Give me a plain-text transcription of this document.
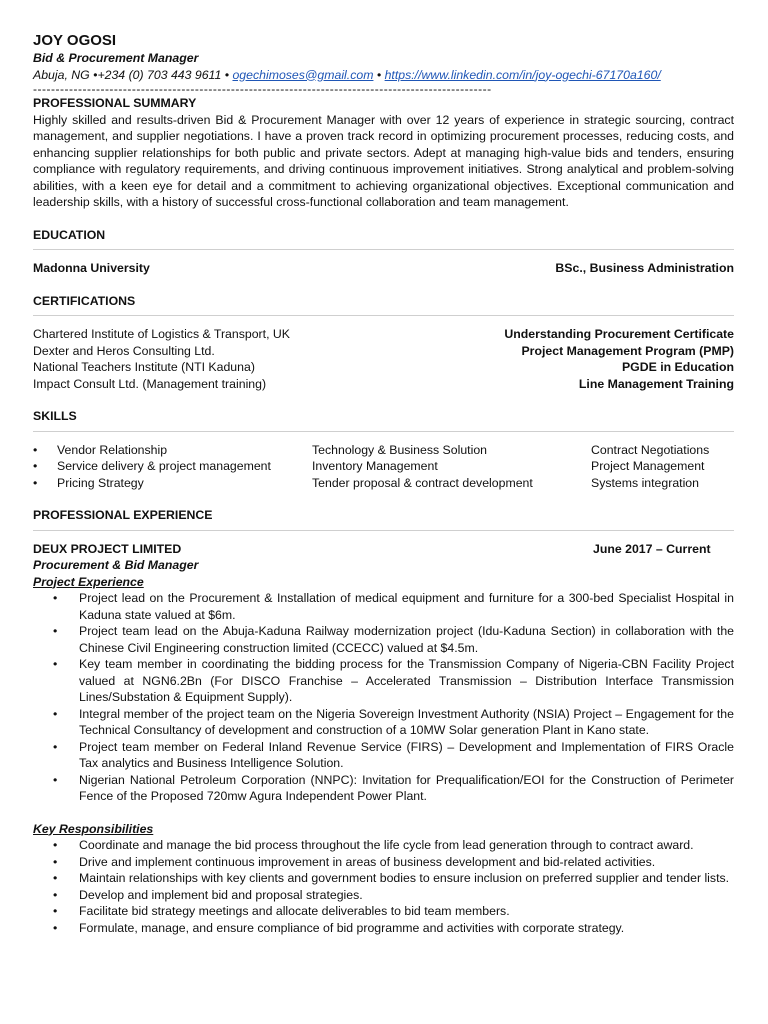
JOY OGOSI

Bid & Procurement Manager

Abuja, NG •+234 (0) 703 443 9611 • ogechimoses@gmail.com • https://www.linkedin.com/in/joy-ogechi-67170a160/

------------------------------------------------------------------------------------------------------

PROFESSIONAL SUMMARY

Highly skilled and results-driven Bid & Procurement Manager with over 12 years of experience in strategic sourcing, contract management, and supplier negotiations. I have a proven track record in optimizing procurement processes, reducing costs, and enhancing supplier relationships for both public and private sectors. Adept at managing high-value bids and tenders, ensuring compliance with regulatory requirements, and driving continuous improvement initiatives. Strong analytical and problem-solving abilities, with a keen eye for detail and a commitment to achieving organizational objectives. Exceptional communication and leadership skills, with a history of successful cross-functional collaboration and team management.

EDUCATION

Madonna University	BSc., Business Administration

CERTIFICATIONS

Chartered Institute of Logistics & Transport, UK	Understanding Procurement Certificate
Dexter and Heros Consulting Ltd.	Project Management Program (PMP)
National Teachers Institute (NTI Kaduna)	PGDE in Education
Impact Consult Ltd. (Management training)	Line Management Training

SKILLS

•	Vendor Relationship	Technology & Business Solution	Contract Negotiations
•	Service delivery & project management	Inventory Management	Project Management
•	Pricing Strategy	Tender proposal & contract development	Systems integration

PROFESSIONAL EXPERIENCE

DEUX PROJECT LIMITED	June 2017 – Current

Procurement & Bid Manager

Project Experience

• Project lead on the Procurement & Installation of medical equipment and furniture for a 300-bed Specialist Hospital in Kaduna state valued at $6m.
• Project team lead on the Abuja-Kaduna Railway modernization project (Idu-Kaduna Section) in collaboration with the Chinese Civil Engineering construction limited (CCECC) valued at $4.5m.
• Key team member in coordinating the bidding process for the Transmission Company of Nigeria-CBN Facility Project valued at NGN6.2Bn (For DISCO Franchise – Accelerated Transmission – Distribution Interface Transmission Lines/Substation & Equipment Supply).
• Integral member of the project team on the Nigeria Sovereign Investment Authority (NSIA) Project – Engagement for the Technical Consultancy of development and construction of a 10MW Solar generation Plant in Kano state.
• Project team member on Federal Inland Revenue Service (FIRS) – Development and Implementation of FIRS Oracle Tax analytics and Business Intelligence Solution.
• Nigerian National Petroleum Corporation (NNPC): Invitation for Prequalification/EOI for the Construction of Perimeter Fence of the Proposed 720mw Agura Independent Power Plant.

Key Responsibilities

• Coordinate and manage the bid process throughout the life cycle from lead generation through to contract award.
• Drive and implement continuous improvement in areas of business development and bid-related activities.
• Maintain relationships with key clients and government bodies to ensure inclusion on preferred supplier and tender lists.
• Develop and implement bid and proposal strategies.
• Facilitate bid strategy meetings and allocate deliverables to bid team members.
• Formulate, manage, and ensure compliance of bid programme and activities with corporate strategy.
